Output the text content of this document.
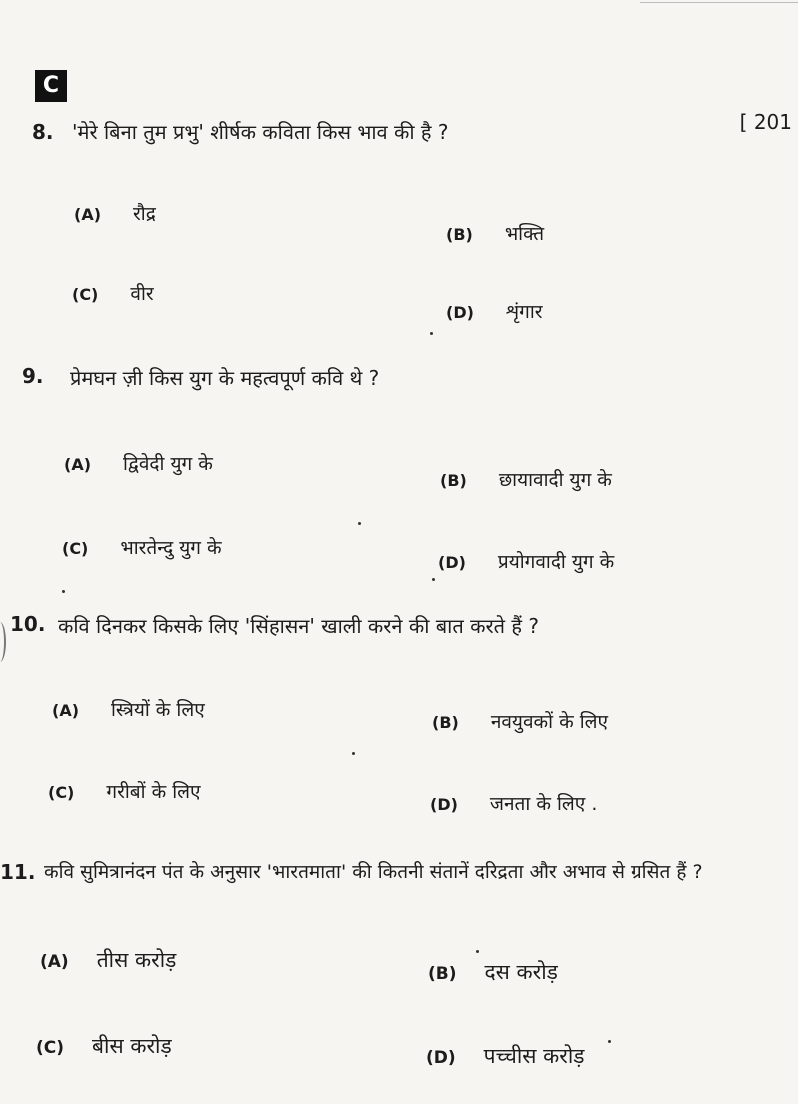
C
[ 201
8. 'मेरे बिना तुम प्रभु' शीर्षक कविता किस भाव की है ?
(A) रौद्र
(B) भक्ति
(C) वीर
(D) शृंगार
9. प्रेमघन ज़ी किस युग के महत्वपूर्ण कवि थे ?
(A) द्विवेदी युग के
(B) छायावादी युग के
(C) भारतेन्दु युग के
(D) प्रयोगवादी युग के
10. कवि दिनकर किसके लिए 'सिंहासन' खाली करने की बात करते हैं ?
(A) स्त्रियों के लिए
(B) नवयुवकों के लिए
(C) गरीबों के लिए
(D) जनता के लिए .
11. कवि सुमित्रानंदन पंत के अनुसार 'भारतमाता' की कितनी संतानें दरिद्रता और अभाव से ग्रसित हैं ?
(A) तीस करोड़
(B) दस करोड़
(C) बीस करोड़	(D) पच्चीस करोड़
